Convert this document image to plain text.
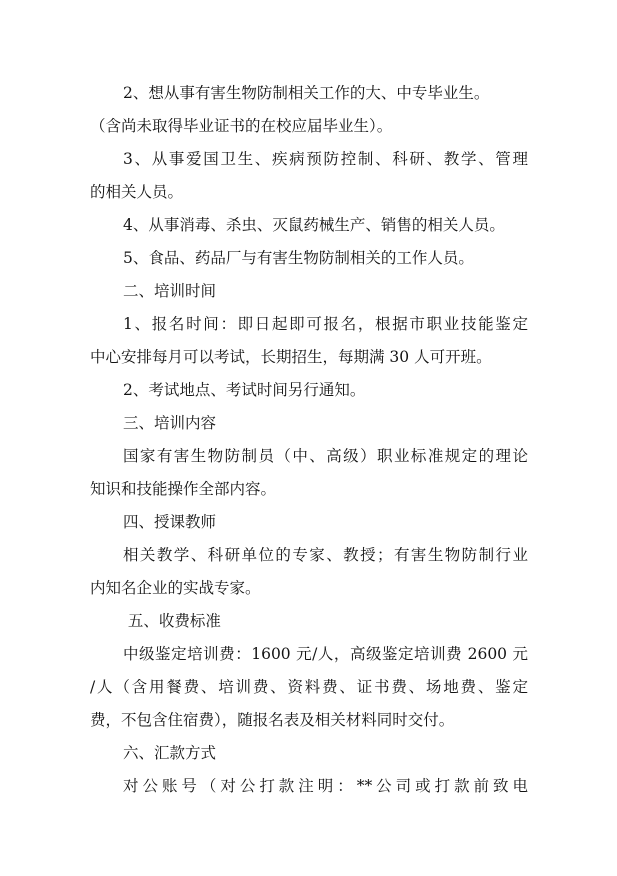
2、想从事有害生物防制相关工作的大、中专毕业生。
（含尚未取得毕业证书的在校应届毕业生）。
3、从事爱国卫生、疾病预防控制、科研、教学、管理
的相关人员。
4、从事消毒、杀虫、灭鼠药械生产、销售的相关人员。
5、食品、药品厂与有害生物防制相关的工作人员。
二、培训时间
1、报名时间：即日起即可报名，根据市职业技能鉴定
中心安排每月可以考试，长期招生，每期满 30 人可开班。
2、考试地点、考试时间另行通知。
三、培训内容
国家有害生物防制员（中、高级）职业标准规定的理论
知识和技能操作全部内容。
四、授课教师
相关教学、科研单位的专家、教授；有害生物防制行业
内知名企业的实战专家。
五、收费标准
中级鉴定培训费：1600 元/人，高级鉴定培训费 2600 元
/人（含用餐费、培训费、资料费、证书费、场地费、鉴定
费，不包含住宿费），随报名表及相关材料同时交付。
六、汇款方式
对公账号（对公打款注明：**公司或打款前致电
